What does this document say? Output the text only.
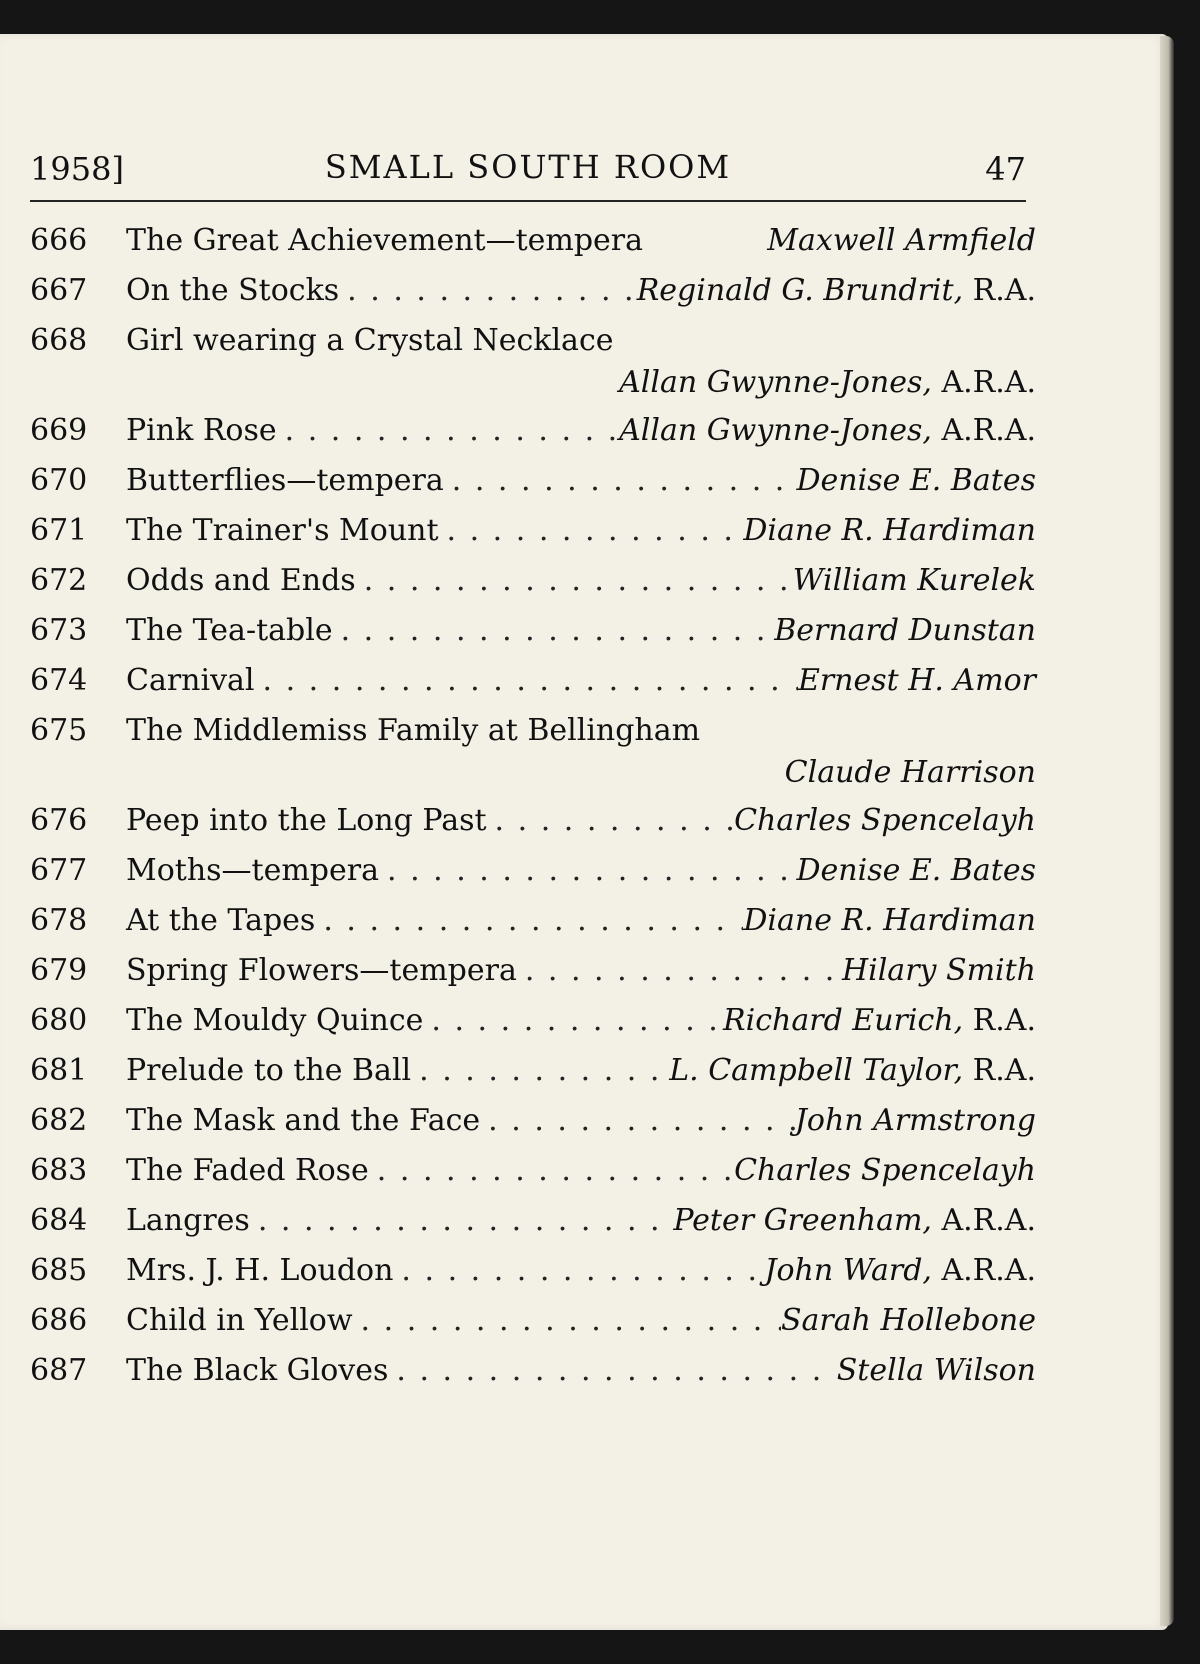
1958]	SMALL SOUTH ROOM	47
666	The Great Achievement—tempera	Maxwell Armfield
667	On the Stocks . . .	Reginald G. Brundrit, R.A.
668	Girl wearing a Crystal Necklace
Allan Gwynne-Jones, A.R.A.
669	Pink Rose . . .	Allan Gwynne-Jones, A.R.A.
670	Butterflies—tempera . . .	Denise E. Bates
671	The Trainer's Mount . . .	Diane R. Hardiman
672	Odds and Ends . . .	William Kurelek
673	The Tea-table . . .	Bernard Dunstan
674	Carnival . . .	Ernest H. Amor
675	The Middlemiss Family at Bellingham
Claude Harrison
676	Peep into the Long Past . . .	Charles Spencelayh
677	Moths—tempera . . .	Denise E. Bates
678	At the Tapes . . .	Diane R. Hardiman
679	Spring Flowers—tempera . . .	Hilary Smith
680	The Mouldy Quince . . .	Richard Eurich, R.A.
681	Prelude to the Ball . . .	L. Campbell Taylor, R.A.
682	The Mask and the Face . . .	John Armstrong
683	The Faded Rose . . .	Charles Spencelayh
684	Langres . . .	Peter Greenham, A.R.A.
685	Mrs. J. H. Loudon . . .	John Ward, A.R.A.
686	Child in Yellow . . .	Sarah Hollebone
687	The Black Gloves . . .	Stella Wilson
